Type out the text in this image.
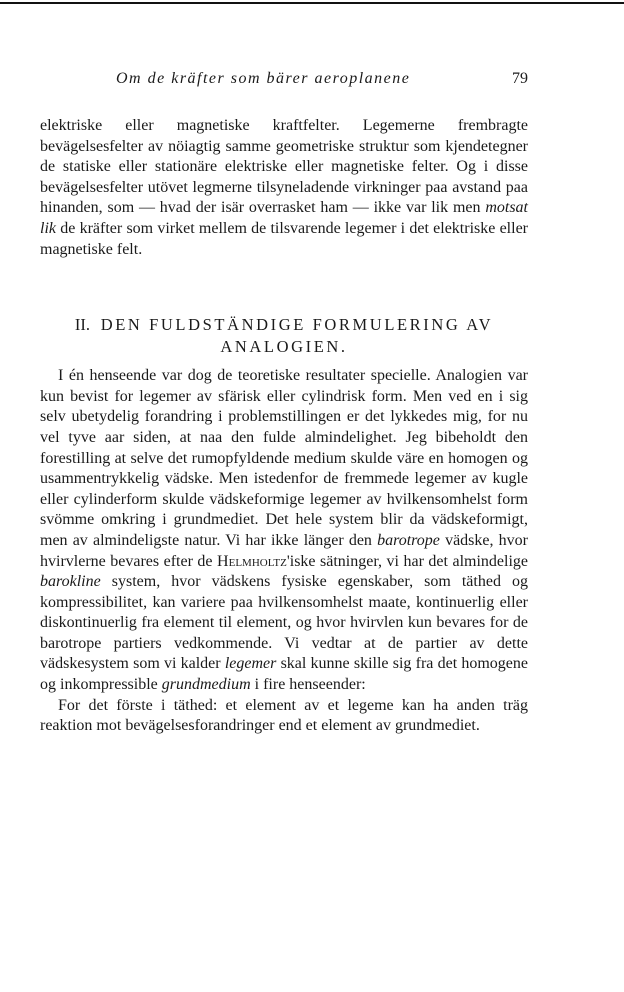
Om de kräfter som bärer aeroplanene	79

elektriske eller magnetiske kraftfelter. Legemerne frembragte bevägelsesfelter av nöiagtig samme geometriske struktur som kjendetegner de statiske eller stationäre elektriske eller magnetiske felter. Og i disse bevägelsesfelter utövet legmerne tilsyneladende virkninger paa avstand paa hinanden, som — hvad der isär overrasket ham — ikke var lik men motsat lik de kräfter som virket mellem de tilsvarende legemer i det elektriske eller magnetiske felt.

II. DEN FULDSTÄNDIGE FORMULERING AV ANALOGIEN.

I én henseende var dog de teoretiske resultater specielle. Analogien var kun bevist for legemer av sfärisk eller cylindrisk form. Men ved en i sig selv ubetydelig forandring i problemstillingen er det lykkedes mig, for nu vel tyve aar siden, at naa den fulde almindelighet. Jeg bibeholdt den forestilling at selve det rumopfyldende medium skulde väre en homogen og usammentrykkelig vädske. Men istedenfor de fremmede legemer av kugle eller cylinderform skulde vädskeformige legemer av hvilkensomhelst form svömme omkring i grundmediet. Det hele system blir da vädskeformigt, men av almindeligste natur. Vi har ikke länger den barotrope vädske, hvor hvirvlerne bevares efter de Helmholtz'iske sätninger, vi har det almindelige barokline system, hvor vädskens fysiske egenskaber, som täthed og kompressibilitet, kan variere paa hvilkensomhelst maate, kontinuerlig eller diskontinuerlig fra element til element, og hvor hvirvlen kun bevares for de barotrope partiers vedkommende. Vi vedtar at de partier av dette vädskesystem som vi kalder legemer skal kunne skille sig fra det homogene og inkompressible grundmedium i fire henseender:

For det förste i täthed: et element av et legeme kan ha anden träg reaktion mot bevägelsesforandringer end et element av grundmediet.
